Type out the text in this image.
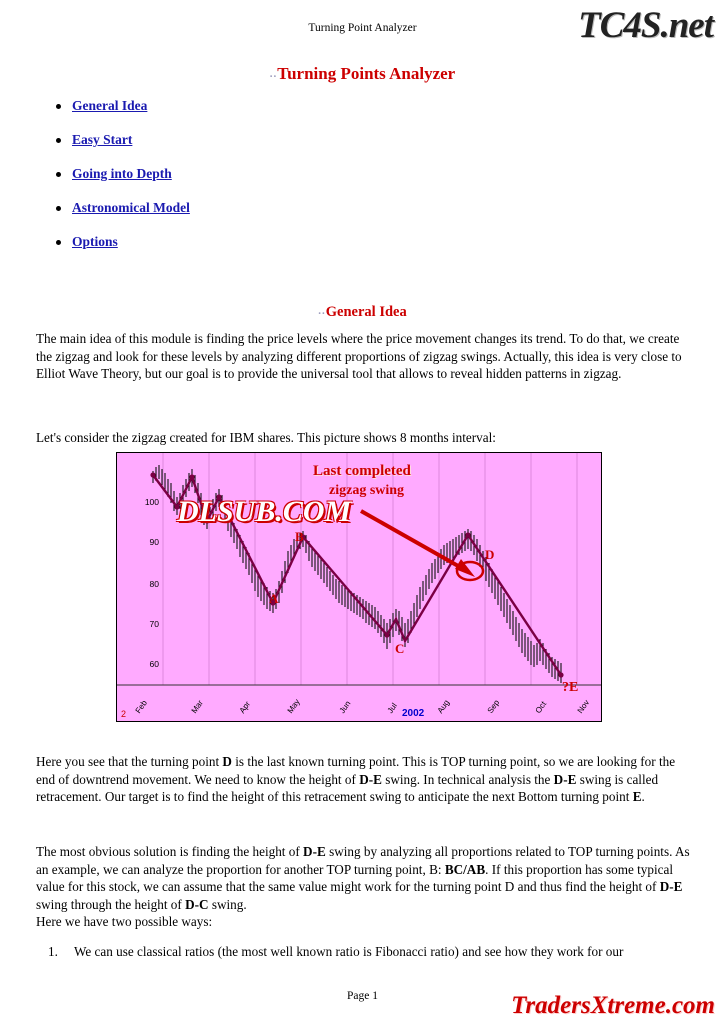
Turning Point Analyzer	TC4S.net
..Turning Points Analyzer
General Idea
Easy Start
Going into Depth
Astronomical Model
Options
..General Idea
The main idea of this module is finding the price levels where the price movement changes its trend. To do that, we create the zigzag and look for these levels by analyzing different proportions of zigzag swings. Actually, this idea is very close to Elliot Wave Theory, but our goal is to provide the universal tool that allows to reveal hidden patterns in zigzag.
Let's consider the zigzag created for IBM shares. This picture shows 8 months interval:
100
90
80
70
60
Feb	Mar	Apr	May	Jun	Jul	Aug	Sep	Oct	Nov
2002
2
A
B
C
D
Last completed
zigzag swing
DLSUB.COM
?E
Here you see that the turning point D is the last known turning point. This is TOP turning point, so we are looking for the end of downtrend movement. We need to know the height of D-E swing. In technical analysis the D-E swing is called retracement. Our target is to find the height of this retracement swing to anticipate the next Bottom turning point E.
The most obvious solution is finding the height of D-E swing by analyzing all proportions related to TOP turning points. As an example, we can analyze the proportion for another TOP turning point, B: BC/AB. If this proportion has some typical value for this stock, we can assume that the same value might work for the turning point D and thus find the height of D-E swing through the height of D-C swing.
Here we have two possible ways:
1.	We can use classical ratios (the most well known ratio is Fibonacci ratio) and see how they work for our
Page 1	TradersXtreme.com
